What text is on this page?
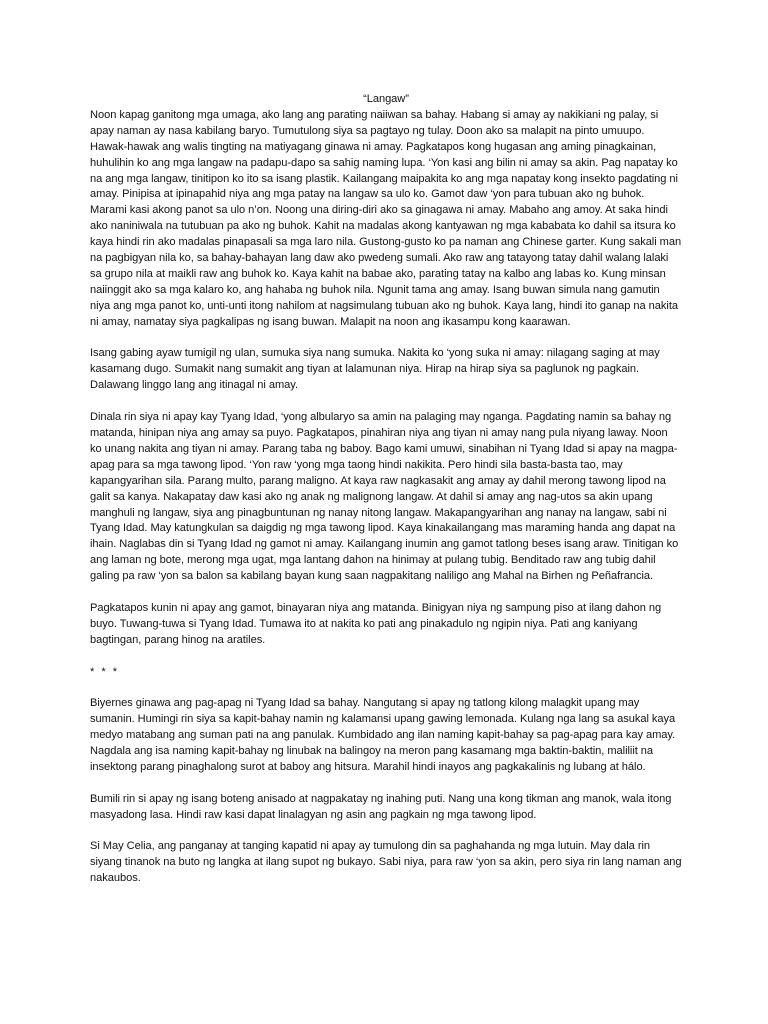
“Langaw”

Noon kapag ganitong mga umaga, ako lang ang parating naiiwan sa bahay. Habang si amay ay nakikiani ng palay, si apay naman ay nasa kabilang baryo. Tumutulong siya sa pagtayo ng tulay. Doon ako sa malapit na pinto umuupo. Hawak-hawak ang walis tingting na matiyagang ginawa ni amay. Pagkatapos kong hugasan ang aming pinagkainan, huhulihin ko ang mga langaw na padapu-dapo sa sahig naming lupa. ‘Yon kasi ang bilin ni amay sa akin. Pag napatay ko na ang mga langaw, tinitipon ko ito sa isang plastik. Kailangang maipakita ko ang mga napatay kong insekto pagdating ni amay. Pinipisa at ipinapahid niya ang mga patay na langaw sa ulo ko. Gamot daw ‘yon para tubuan ako ng buhok. Marami kasi akong panot sa ulo n’on. Noong una diring-diri ako sa ginagawa ni amay. Mabaho ang amoy. At saka hindi ako naniniwala na tutubuan pa ako ng buhok. Kahit na madalas akong kantyawan ng mga kababata ko dahil sa itsura ko kaya hindi rin ako madalas pinapasali sa mga laro nila. Gustong-gusto ko pa naman ang Chinese garter. Kung sakali man na pagbigyan nila ko, sa bahay-bahayan lang daw ako pwedeng sumali. Ako raw ang tatayong tatay dahil walang lalaki sa grupo nila at maikli raw ang buhok ko. Kaya kahit na babae ako, parating tatay na kalbo ang labas ko. Kung minsan naiinggit ako sa mga kalaro ko, ang hahaba ng buhok nila. Ngunit tama ang amay. Isang buwan simula nang gamutin niya ang mga panot ko, unti-unti itong nahilom at nagsimulang tubuan ako ng buhok. Kaya lang, hindi ito ganap na nakita ni amay, namatay siya pagkalipas ng isang buwan. Malapit na noon ang ikasampu kong kaarawan.

Isang gabing ayaw tumigil ng ulan, sumuka siya nang sumuka. Nakita ko ‘yong suka ni amay: nilagang saging at may kasamang dugo. Sumakit nang sumakit ang tiyan at lalamunan niya. Hirap na hirap siya sa paglunok ng pagkain. Dalawang linggo lang ang itinagal ni amay.

Dinala rin siya ni apay kay Tyang Idad, ‘yong albularyo sa amin na palaging may nganga. Pagdating namin sa bahay ng matanda, hinipan niya ang amay sa puyo. Pagkatapos, pinahiran niya ang tiyan ni amay nang pula niyang laway. Noon ko unang nakita ang tiyan ni amay. Parang taba ng baboy. Bago kami umuwi, sinabihan ni Tyang Idad si apay na magpa-apag para sa mga tawong lipod. ‘Yon raw ‘yong mga taong hindi nakikita. Pero hindi sila basta-basta tao, may kapangyarihan sila. Parang multo, parang maligno. At kaya raw nagkasakit ang amay ay dahil merong tawong lipod na galit sa kanya. Nakapatay daw kasi ako ng anak ng malignong langaw. At dahil si amay ang nag-utos sa akin upang manghuli ng langaw, siya ang pinagbuntunan ng nanay nitong langaw. Makapangyarihan ang nanay na langaw, sabi ni Tyang Idad. May katungkulan sa daigdig ng mga tawong lipod. Kaya kinakailangang mas maraming handa ang dapat na ihain. Naglabas din si Tyang Idad ng gamot ni amay. Kailangang inumin ang gamot tatlong beses isang araw. Tinitigan ko ang laman ng bote, merong mga ugat, mga lantang dahon na hinimay at pulang tubig. Benditado raw ang tubig dahil galing pa raw ‘yon sa balon sa kabilang bayan kung saan nagpakitang naliligo ang Mahal na Birhen ng Peñafrancia.

Pagkatapos kunin ni apay ang gamot, binayaran niya ang matanda. Binigyan niya ng sampung piso at ilang dahon ng buyo. Tuwang-tuwa si Tyang Idad. Tumawa ito at nakita ko pati ang pinakadulo ng ngipin niya. Pati ang kaniyang bagtingan, parang hinog na aratiles.

* * *

Biyernes ginawa ang pag-apag ni Tyang Idad sa bahay. Nangutang si apay ng tatlong kilong malagkit upang may sumanin. Humingi rin siya sa kapit-bahay namin ng kalamansi upang gawing lemonada. Kulang nga lang sa asukal kaya medyo matabang ang suman pati na ang panulak. Kumbidado ang ilan naming kapit-bahay sa pag-apag para kay amay. Nagdala ang isa naming kapit-bahay ng linubak na balingoy na meron pang kasamang mga baktin-baktin, maliliit na insektong parang pinaghalong surot at baboy ang hitsura. Marahil hindi inayos ang pagkakalinis ng lubang at hálo.

Bumili rin si apay ng isang boteng anisado at nagpakatay ng inahing puti. Nang una kong tikman ang manok, wala itong masyadong lasa. Hindi raw kasi dapat linalagyan ng asin ang pagkain ng mga tawong lipod.

Si May Celia, ang panganay at tanging kapatid ni apay ay tumulong din sa paghahanda ng mga lutuin. May dala rin siyang tinanok na buto ng langka at ilang supot ng bukayo. Sabi niya, para raw ‘yon sa akin, pero siya rin lang naman ang nakaubos.
